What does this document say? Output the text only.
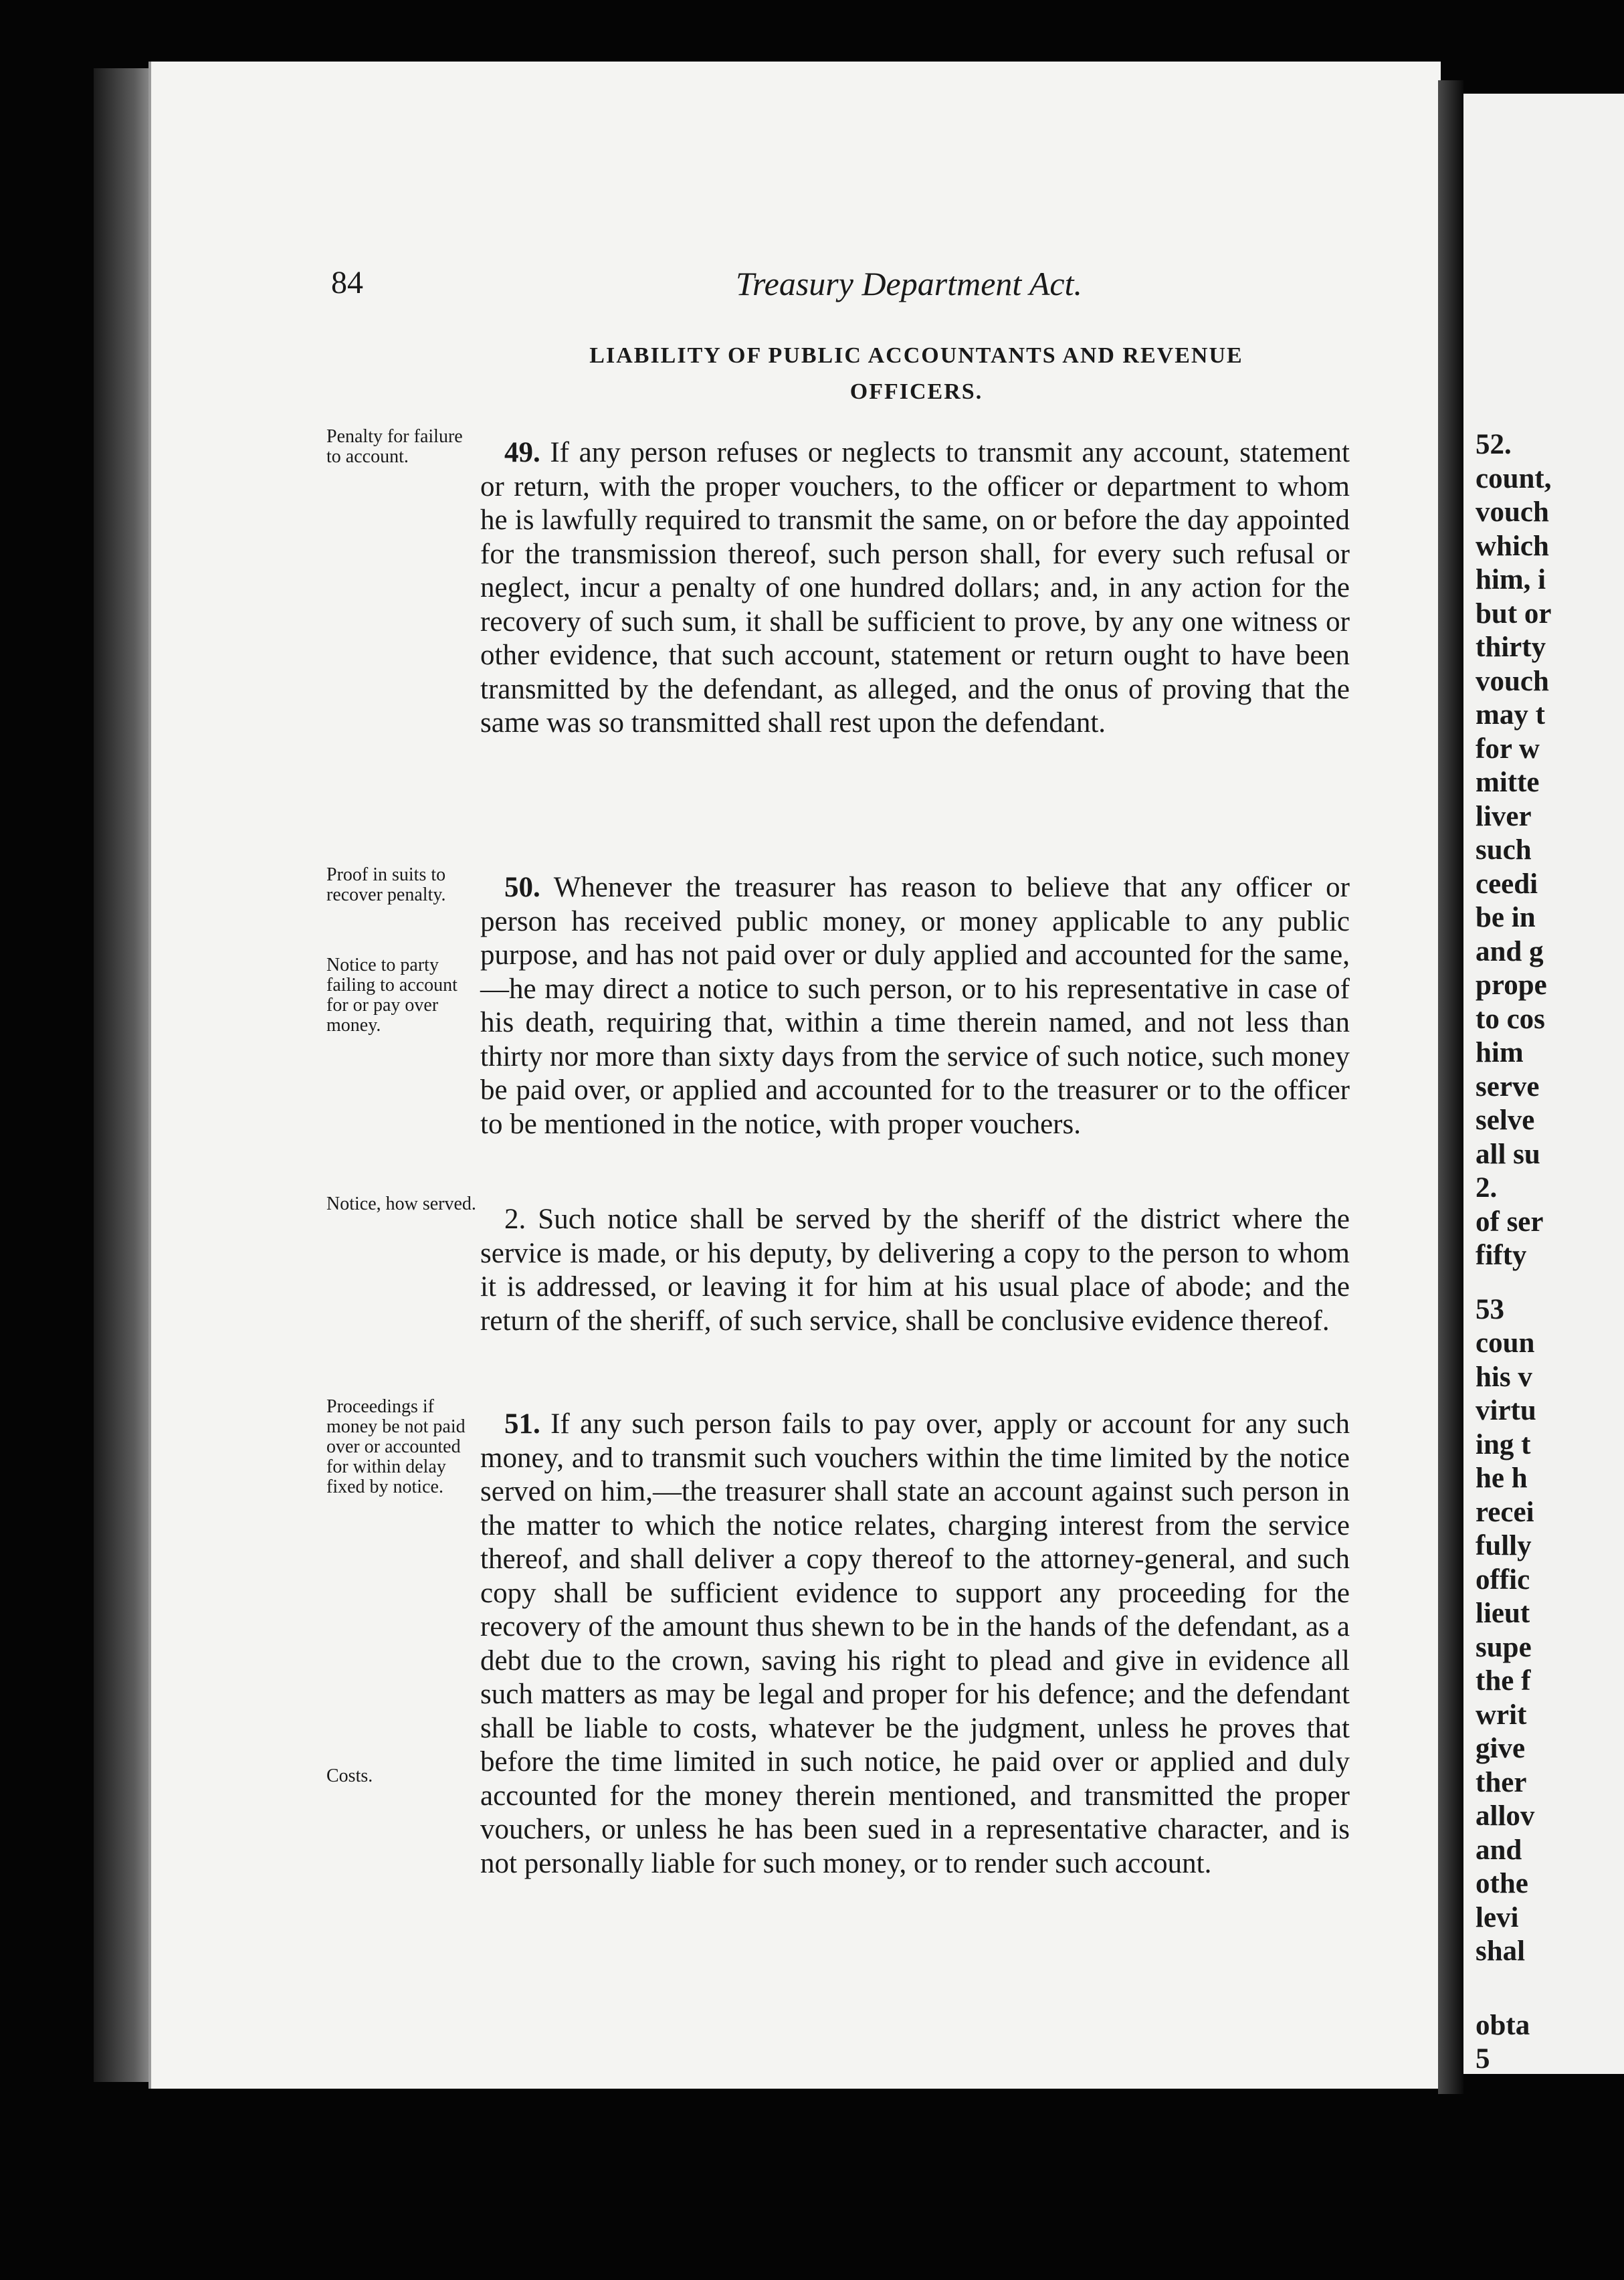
84	Treasury Department Act.
LIABILITY OF PUBLIC ACCOUNTANTS AND REVENUE
OFFICERS.

Penalty for failure to account.

Proof in suits to recover penalty.

Notice to party failing to account for or pay over money.

Notice, how served.

Proceedings if money be not paid over or accounted for within delay fixed by notice.

Costs.

49. If any person refuses or neglects to transmit any account, statement or return, with the proper vouchers, to the officer or department to whom he is lawfully required to transmit the same, on or before the day appointed for the transmission thereof, such person shall, for every such refusal or neglect, incur a penalty of one hundred dollars; and, in any action for the recovery of such sum, it shall be sufficient to prove, by any one witness or other evidence, that such account, statement or return ought to have been transmitted by the defendant, as alleged, and the onus of proving that the same was so transmitted shall rest upon the defendant.

50. Whenever the treasurer has reason to believe that any officer or person has received public money, or money applicable to any public purpose, and has not paid over or duly applied and accounted for the same,—he may direct a notice to such person, or to his representative in case of his death, requiring that, within a time therein named, and not less than thirty nor more than sixty days from the service of such notice, such money be paid over, or applied and accounted for to the treasurer or to the officer to be mentioned in the notice, with proper vouchers.

2. Such notice shall be served by the sheriff of the district where the service is made, or his deputy, by delivering a copy to the person to whom it is addressed, or leaving it for him at his usual place of abode; and the return of the sheriff, of such service, shall be conclusive evidence thereof.

51. If any such person fails to pay over, apply or account for any such money, and to transmit such vouchers within the time limited by the notice served on him,—the treasurer shall state an account against such person in the matter to which the notice relates, charging interest from the service thereof, and shall deliver a copy thereof to the attorney-general, and such copy shall be sufficient evidence to support any proceeding for the recovery of the amount thus shewn to be in the hands of the defendant, as a debt due to the crown, saving his right to plead and give in evidence all such matters as may be legal and proper for his defence; and the defendant shall be liable to costs, whatever be the judgment, unless he proves that before the time limited in such notice, he paid over or applied and duly accounted for the money therein mentioned, and transmitted the proper vouchers, or unless he has been sued in a representative character, and is not personally liable for such money, or to render such account.

52.
count,
vouch
which
him, i
but or
thirty
vouch
may t
for w
mitte
liver
such
ceedi
be in
and g
prope
to cos
him
serve
selve
all su
2.
of ser
fifty
53
coun
his v
virtu
ing t
he h
recei
fully
offic
lieut
supe
the f
writ
give
ther
allov
and
othe
levi
shal
obta
5
